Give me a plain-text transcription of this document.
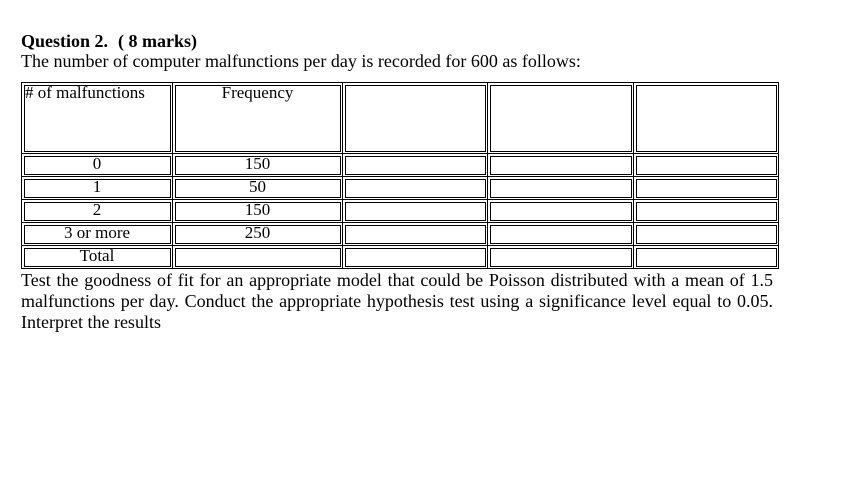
Question 2. ( 8 marks)
The number of computer malfunctions per day is recorded for 600 as follows:
# of malfunctions	Frequency			
0	150			
1	50			
2	150			
3 or more	250			
Total				

Test the goodness of fit for an appropriate model that could be Poisson distributed with a mean of 1.5 malfunctions per day. Conduct the appropriate hypothesis test using a significance level equal to 0.05. Interpret the results
